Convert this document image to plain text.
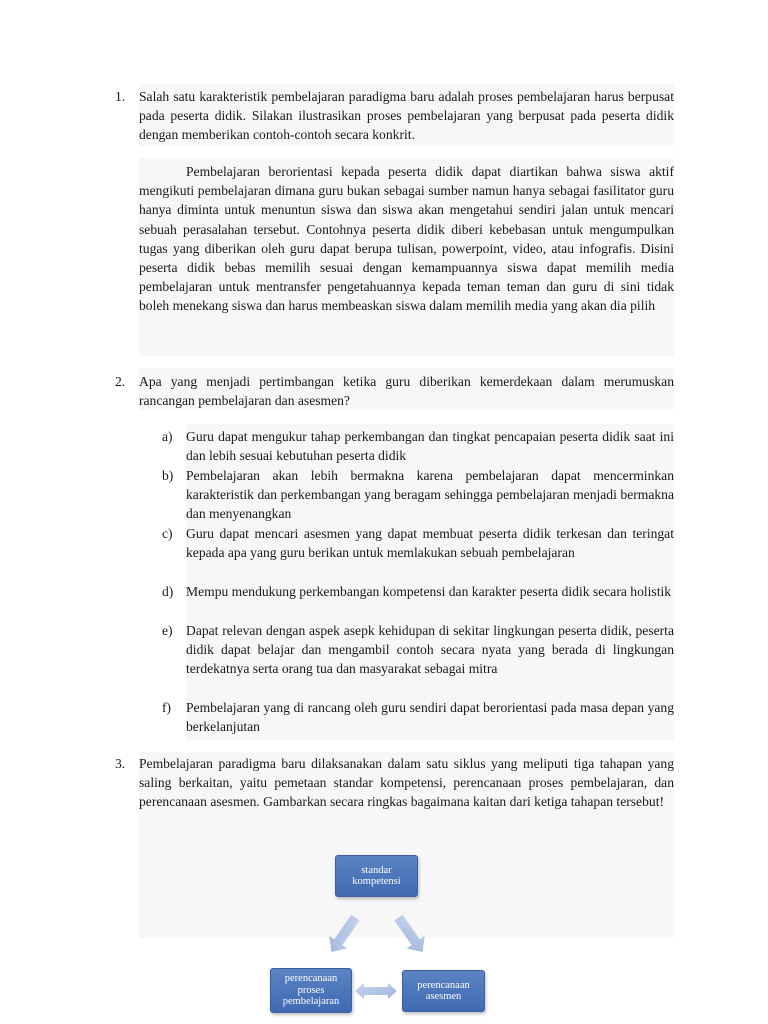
1. Salah satu karakteristik pembelajaran paradigma baru adalah proses pembelajaran harus berpusat pada peserta didik. Silakan ilustrasikan proses pembelajaran yang berpusat pada peserta didik dengan memberikan contoh-contoh secara konkrit.
Pembelajaran berorientasi kepada peserta didik dapat diartikan bahwa siswa aktif mengikuti pembelajaran dimana guru bukan sebagai sumber namun hanya sebagai fasilitator guru hanya diminta untuk menuntun siswa dan siswa akan mengetahui sendiri jalan untuk mencari sebuah perasalahan tersebut. Contohnya peserta didik diberi kebebasan untuk mengumpulkan tugas yang diberikan oleh guru dapat berupa tulisan, powerpoint, video, atau infografis. Disini peserta didik bebas memilih sesuai dengan kemampuannya siswa dapat memilih media pembelajaran untuk mentransfer pengetahuannya kepada teman teman dan guru di sini tidak boleh menekang siswa dan harus membeaskan siswa dalam memilih media yang akan dia pilih
2. Apa yang menjadi pertimbangan ketika guru diberikan kemerdekaan dalam merumuskan rancangan pembelajaran dan asesmen?
a) Guru dapat mengukur tahap perkembangan dan tingkat pencapaian peserta didik saat ini dan lebih sesuai kebutuhan peserta didik
b) Pembelajaran akan lebih bermakna karena pembelajaran dapat mencerminkan karakteristik dan perkembangan yang beragam sehingga pembelajaran menjadi bermakna dan menyenangkan
c) Guru dapat mencari asesmen yang dapat membuat peserta didik terkesan dan teringat kepada apa yang guru berikan untuk memlakukan sebuah pembelajaran
d) Mempu mendukung perkembangan kompetensi dan karakter peserta didik secara holistik
e) Dapat relevan dengan aspek asepk kehidupan di sekitar lingkungan peserta didik, peserta didik dapat belajar dan mengambil contoh secara nyata yang berada di lingkungan terdekatnya serta orang tua dan masyarakat sebagai mitra
f) Pembelajaran yang di rancang oleh guru sendiri dapat berorientasi pada masa depan yang berkelanjutan
3. Pembelajaran paradigma baru dilaksanakan dalam satu siklus yang meliputi tiga tahapan yang saling berkaitan, yaitu pemetaan standar kompetensi, perencanaan proses pembelajaran, dan perencanaan asesmen. Gambarkan secara ringkas bagaimana kaitan dari ketiga tahapan tersebut!
standar
kompetensi
perencanaan
proses
pembelajaran
perencanaan
asesmen
